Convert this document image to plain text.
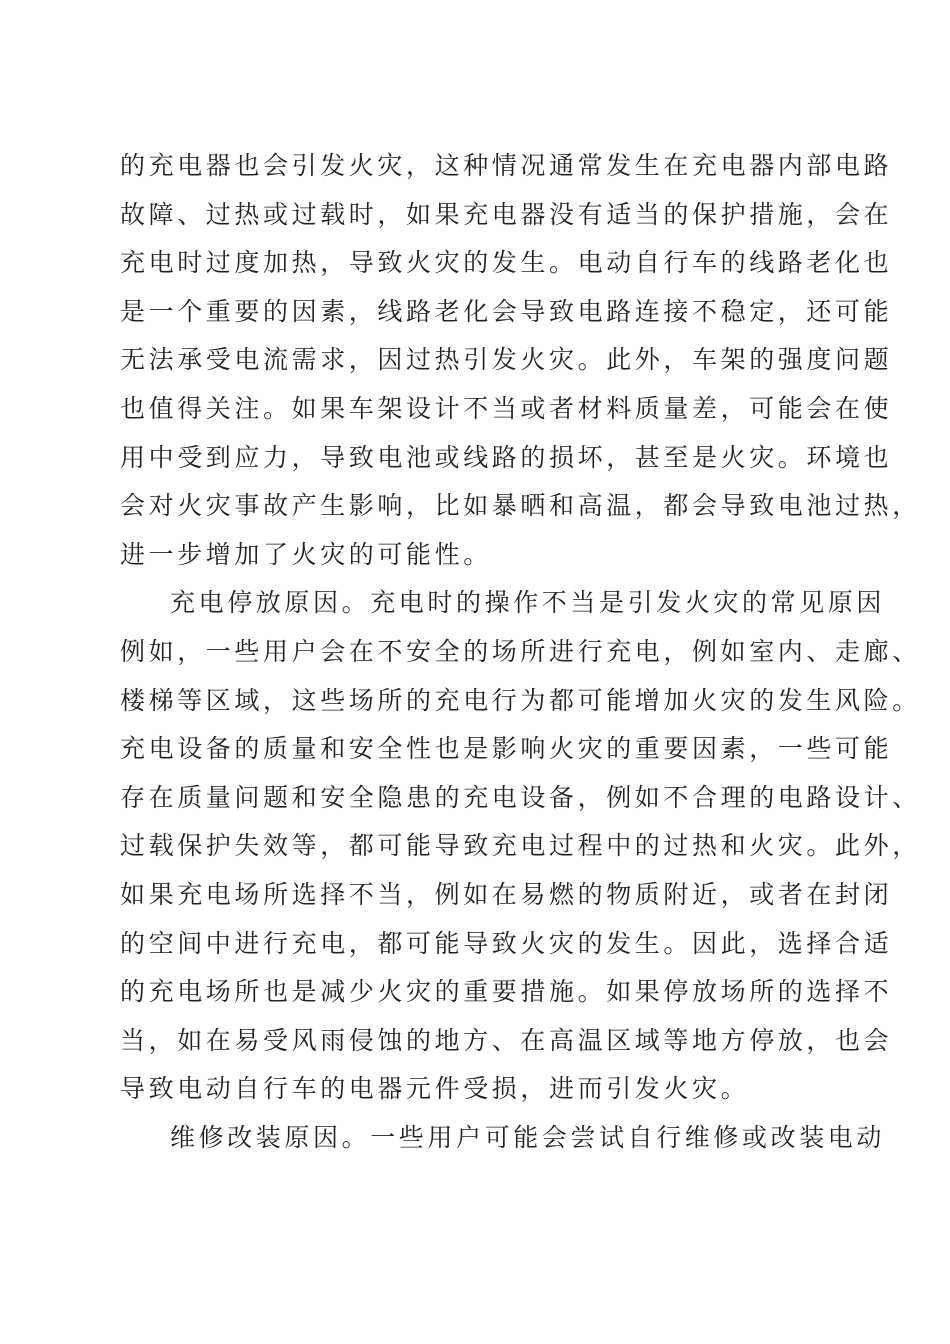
的充电器也会引发火灾，这种情况通常发生在充电器内部电路
故障、过热或过载时，如果充电器没有适当的保护措施，会在
充电时过度加热，导致火灾的发生。电动自行车的线路老化也
是一个重要的因素，线路老化会导致电路连接不稳定，还可能
无法承受电流需求，因过热引发火灾。此外，车架的强度问题
也值得关注。如果车架设计不当或者材料质量差，可能会在使
用中受到应力，导致电池或线路的损坏，甚至是火灾。环境也
会对火灾事故产生影响，比如暴晒和高温，都会导致电池过热，
进一步增加了火灾的可能性。
充电停放原因。充电时的操作不当是引发火灾的常见原因
例如，一些用户会在不安全的场所进行充电，例如室内、走廊、
楼梯等区域，这些场所的充电行为都可能增加火灾的发生风险。
充电设备的质量和安全性也是影响火灾的重要因素，一些可能
存在质量问题和安全隐患的充电设备，例如不合理的电路设计、
过载保护失效等，都可能导致充电过程中的过热和火灾。此外，
如果充电场所选择不当，例如在易燃的物质附近，或者在封闭
的空间中进行充电，都可能导致火灾的发生。因此，选择合适
的充电场所也是减少火灾的重要措施。如果停放场所的选择不
当，如在易受风雨侵蚀的地方、在高温区域等地方停放，也会
导致电动自行车的电器元件受损，进而引发火灾。
维修改装原因。一些用户可能会尝试自行维修或改装电动
